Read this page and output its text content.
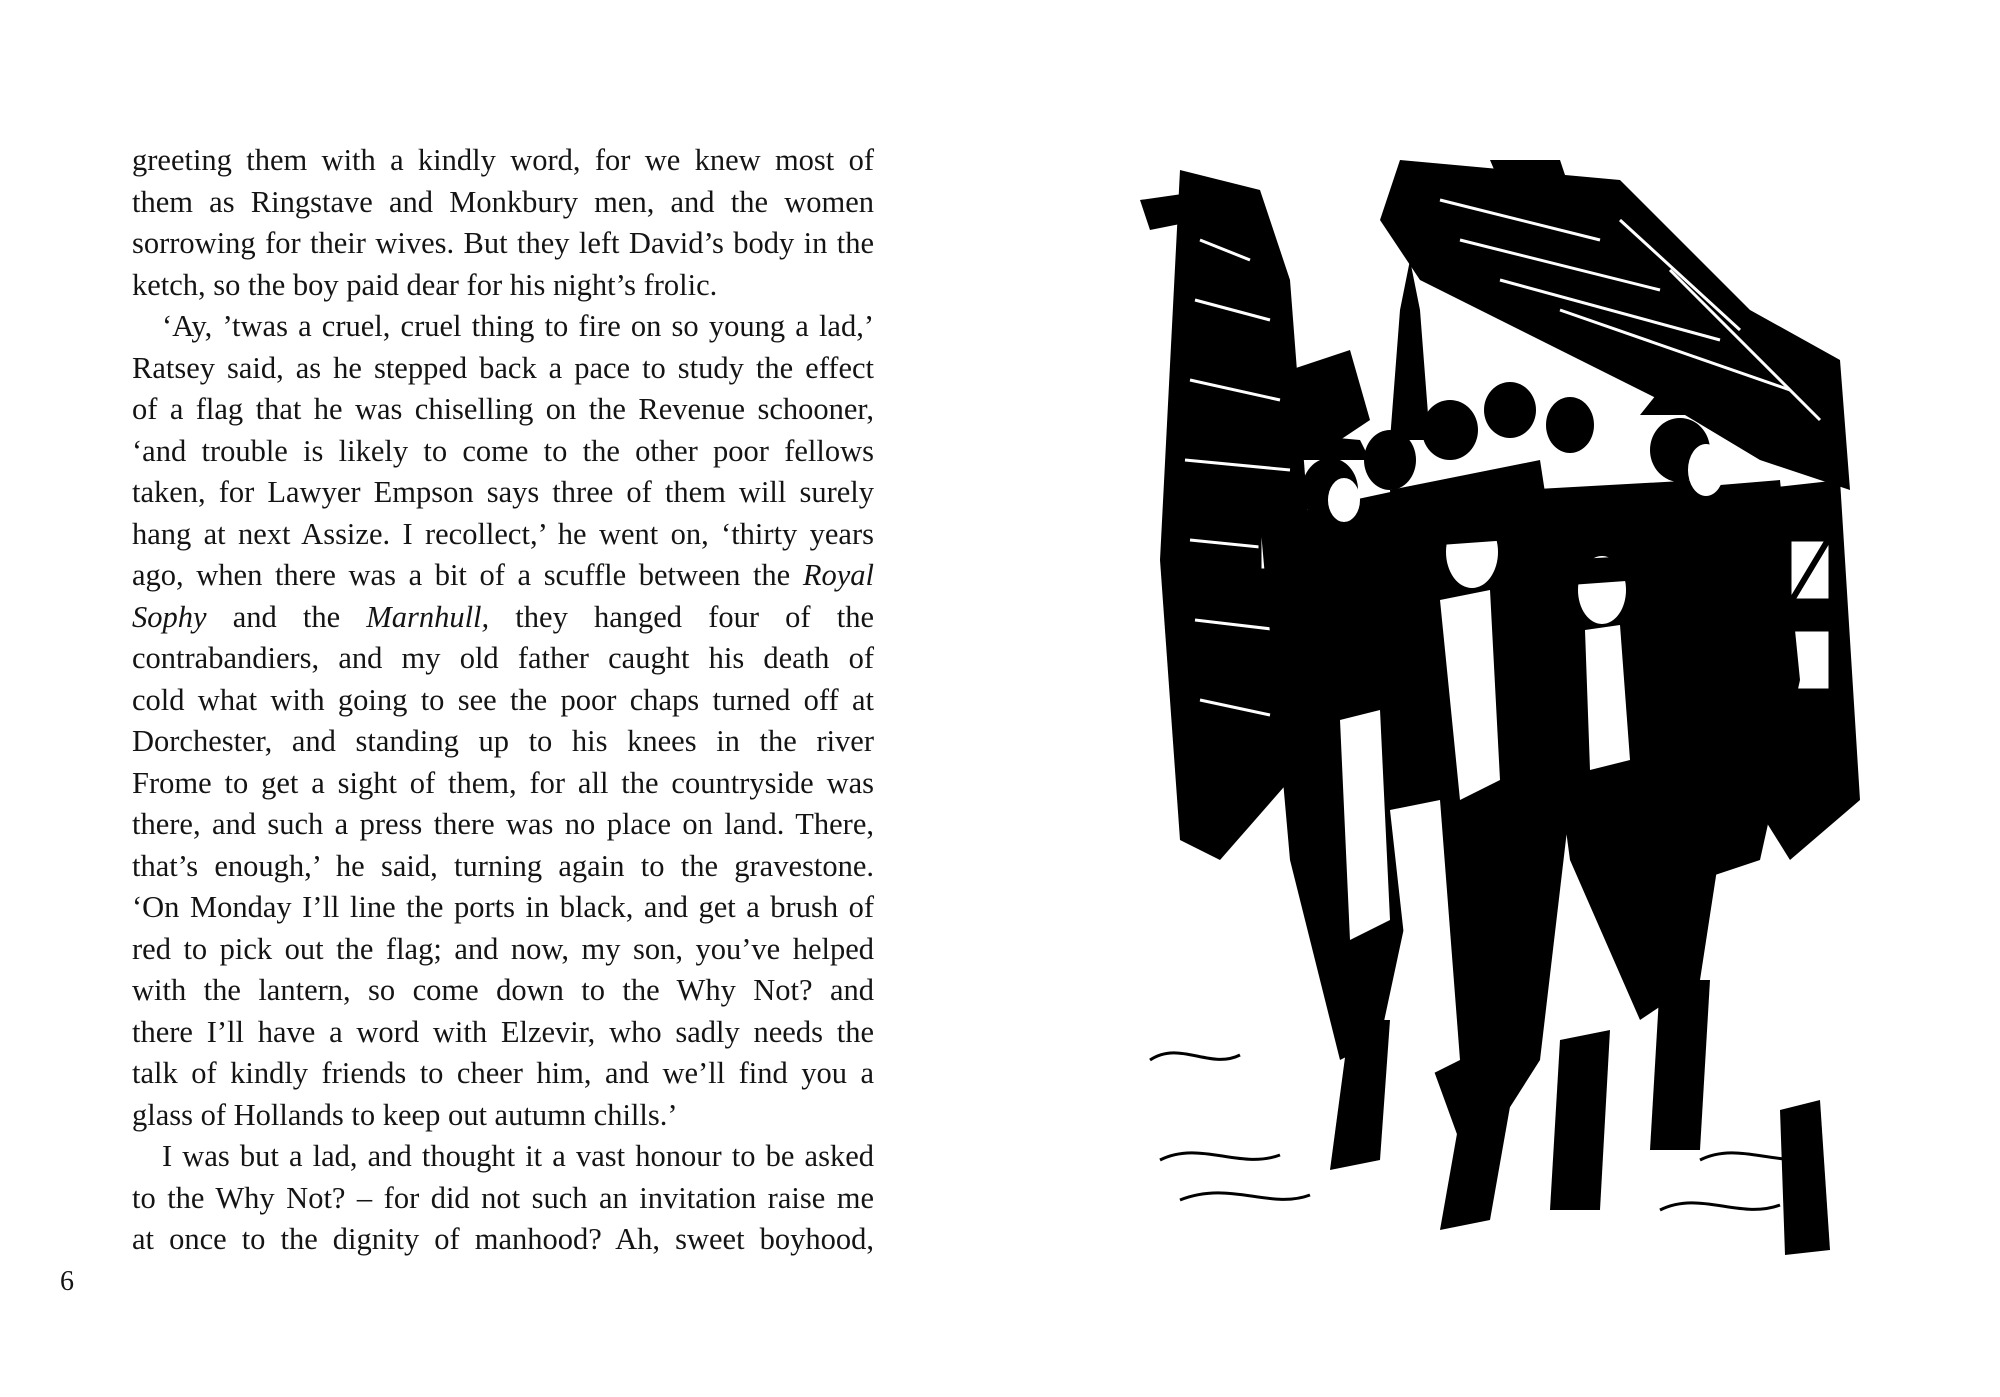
greeting them with a kindly word, for we knew most of
them as Ringstave and Monkbury men, and the women
sorrowing for their wives. But they left David’s body in the
ketch, so the boy paid dear for his night’s frolic.
‘Ay, ’twas a cruel, cruel thing to fire on so young a lad,’
Ratsey said, as he stepped back a pace to study the effect
of a flag that he was chiselling on the Revenue schooner,
‘and trouble is likely to come to the other poor fellows
taken, for Lawyer Empson says three of them will surely
hang at next Assize. I recollect,’ he went on, ‘thirty years
ago, when there was a bit of a scuffle between the Royal
Sophy and the Marnhull, they hanged four of the
contrabandiers, and my old father caught his death of
cold what with going to see the poor chaps turned off at
Dorchester, and standing up to his knees in the river
Frome to get a sight of them, for all the countryside was
there, and such a press there was no place on land. There,
that’s enough,’ he said, turning again to the gravestone.
‘On Monday I’ll line the ports in black, and get a brush of
red to pick out the flag; and now, my son, you’ve helped
with the lantern, so come down to the Why Not? and
there I’ll have a word with Elzevir, who sadly needs the
talk of kindly friends to cheer him, and we’ll find you a
glass of Hollands to keep out autumn chills.’
I was but a lad, and thought it a vast honour to be asked
to the Why Not? – for did not such an invitation raise me
at once to the dignity of manhood? Ah, sweet boyhood,
6
